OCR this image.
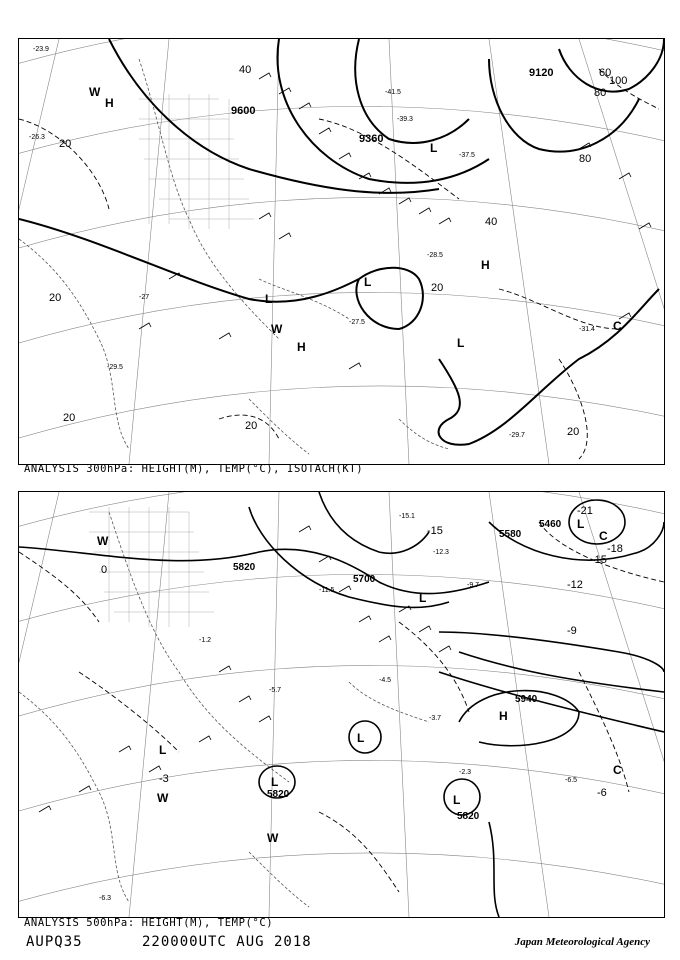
9600
9360
9120
20
40
80
100
80
40
20
20
20
20
20
60
H
H
H
L
L
L
L
W
W
C
-23.9
-26.3
-27
-28.5
-27.5
-29.5
-31.4
-29.7
-37.5
-39.3
-41.5
ANALYSIS 300hPa: HEIGHT(M), TEMP(°C), ISOTACH(KT)
5940
5820
5820
5820
5700
5580
5460
-3
-6
-9
-12
-15
-18
-21
0
-15
H
L
L
L
L
L
L
W
W
W
C
C
-4.5
-3.7
-6.5
-2.3
-15.1
-12.3
-9.7
-1.2
-11.5
-5.7
-6.3
ANALYSIS 500hPa: HEIGHT(M), TEMP(°C)
AUPQ35	220000UTC AUG 2018	Japan Meteorological Agency
